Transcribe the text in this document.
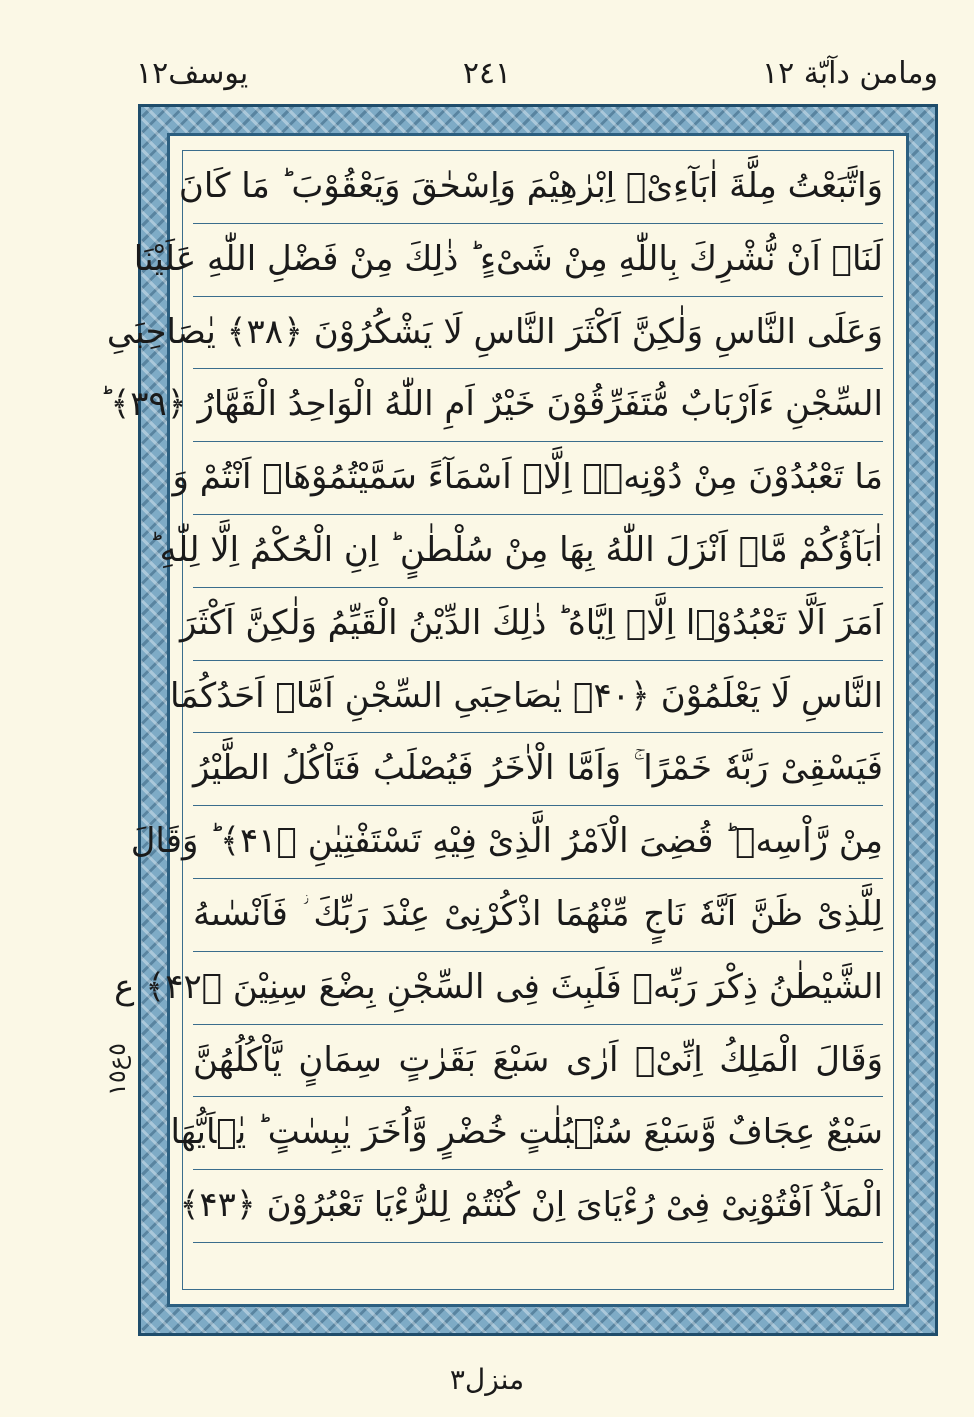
ومامن دآبّة ١٢
٢٤١
يوسف١٢
وَاتَّبَعْتُ مِلَّةَ اٰبَآءِیْۤ اِبْرٰهِیْمَ وَاِسْحٰقَ وَیَعْقُوْبَ ؕ مَا كَانَ
لَنَاۤ اَنْ نُّشْرِكَ بِاللّٰهِ مِنْ شَیْءٍ ؕ ذٰلِكَ مِنْ فَضْلِ اللّٰهِ عَلَیْنَا
وَعَلَى النَّاسِ وَلٰكِنَّ اَكْثَرَ النَّاسِ لَا یَشْكُرُوْنَ ﴿۳۸﴾ یٰصَاحِبَیِ
السِّجْنِ ءَاَرْبَابٌ مُّتَفَرِّقُوْنَ خَیْرٌ اَمِ اللّٰهُ الْوَاحِدُ الْقَهَّارُ ﴿۳۹﴾ ؕ
مَا تَعْبُدُوْنَ مِنْ دُوْنِهٖۤ اِلَّاۤ اَسْمَآءً سَمَّیْتُمُوْهَاۤ اَنْتُمْ وَ
اٰبَآؤُكُمْ مَّاۤ اَنْزَلَ اللّٰهُ بِهَا مِنْ سُلْطٰنٍ ؕ اِنِ الْحُكْمُ اِلَّا لِلّٰهِ ؕ
اَمَرَ اَلَّا تَعْبُدُوْۤا اِلَّاۤ اِیَّاهُ ؕ ذٰلِكَ الدِّیْنُ الْقَیِّمُ وَلٰكِنَّ اَكْثَرَ
النَّاسِ لَا یَعْلَمُوْنَ ﴿۴۰﴾ یٰصَاحِبَیِ السِّجْنِ اَمَّاۤ اَحَدُكُمَا
فَیَسْقِیْ رَبَّهٗ خَمْرًا ۚ وَاَمَّا الْاٰخَرُ فَیُصْلَبُ فَتَاْكُلُ الطَّیْرُ
مِنْ رَّاْسِهٖ ؕ قُضِیَ الْاَمْرُ الَّذِیْ فِیْهِ تَسْتَفْتِیٰنِ ﴿۴۱﴾ ؕ وَقَالَ
لِلَّذِیْ ظَنَّ اَنَّهٗ نَاجٍ مِّنْهُمَا اذْكُرْنِیْ عِنْدَ رَبِّكَ ؗ فَاَنْسٰىهُ
الشَّیْطٰنُ ذِكْرَ رَبِّهٖ فَلَبِثَ فِی السِّجْنِ بِضْعَ سِنِیْنَ ﴿۴۲﴾ ع
وَقَالَ الْمَلِكُ اِنِّیْۤ اَرٰى سَبْعَ بَقَرٰتٍ سِمَانٍ یَّاْكُلُهُنَّ
سَبْعٌ عِجَافٌ وَّسَبْعَ سُنْۢبُلٰتٍ خُضْرٍ وَّاُخَرَ یٰبِسٰتٍ ؕ یٰۤاَیُّهَا
الْمَلَاُ اَفْتُوْنِیْ فِیْ رُءْیَایَ اِنْ كُنْتُمْ لِلرُّءْیَا تَعْبُرُوْنَ ﴿۴۳﴾
٥ع١٥
منزل٣
